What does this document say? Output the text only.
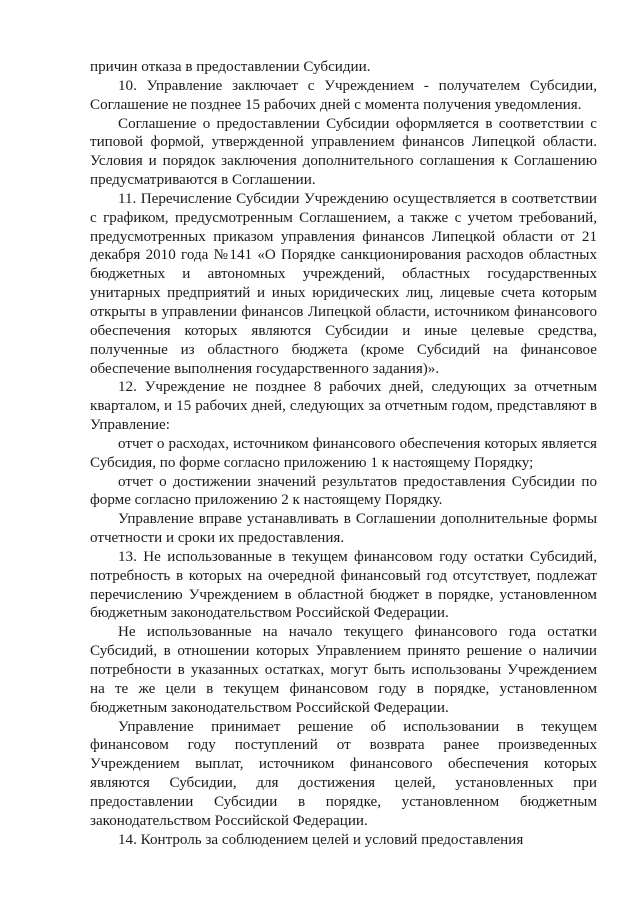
причин отказа в предоставлении Субсидии.

10. Управление заключает с Учреждением - получателем Субсидии, Соглашение не позднее 15 рабочих дней с момента получения уведомления.

Соглашение о предоставлении Субсидии оформляется в соответствии с типовой формой, утвержденной управлением финансов Липецкой области. Условия и порядок заключения дополнительного соглашения к Соглашению предусматриваются в Соглашении.

11. Перечисление Субсидии Учреждению осуществляется в соответствии с графиком, предусмотренным Соглашением, а также с учетом требований, предусмотренных приказом управления финансов Липецкой области от 21 декабря 2010 года №141 «О Порядке санкционирования расходов областных бюджетных и автономных учреждений, областных государственных унитарных предприятий и иных юридических лиц, лицевые счета которым открыты в управлении финансов Липецкой области, источником финансового обеспечения которых являются Субсидии и иные целевые средства, полученные из областного бюджета (кроме Субсидий на финансовое обеспечение выполнения государственного задания)».

12. Учреждение не позднее 8 рабочих дней, следующих за отчетным кварталом, и 15 рабочих дней, следующих за отчетным годом, представляют в Управление:

отчет о расходах, источником финансового обеспечения которых является Субсидия, по форме согласно приложению 1 к настоящему Порядку;

отчет о достижении значений результатов предоставления Субсидии по форме согласно приложению 2 к настоящему Порядку.

Управление вправе устанавливать в Соглашении дополнительные формы отчетности и сроки их предоставления.

13. Не использованные в текущем финансовом году остатки Субсидий, потребность в которых на очередной финансовый год отсутствует, подлежат перечислению Учреждением в областной бюджет в порядке, установленном бюджетным законодательством Российской Федерации.

Не использованные на начало текущего финансового года остатки Субсидий, в отношении которых Управлением принято решение о наличии потребности в указанных остатках, могут быть использованы Учреждением на те же цели в текущем финансовом году в порядке, установленном бюджетным законодательством Российской Федерации.

Управление принимает решение об использовании в текущем финансовом году поступлений от возврата ранее произведенных Учреждением выплат, источником финансового обеспечения которых являются Субсидии, для достижения целей, установленных при предоставлении Субсидии в порядке, установленном бюджетным законодательством Российской Федерации.

14. Контроль за соблюдением целей и условий предоставления
